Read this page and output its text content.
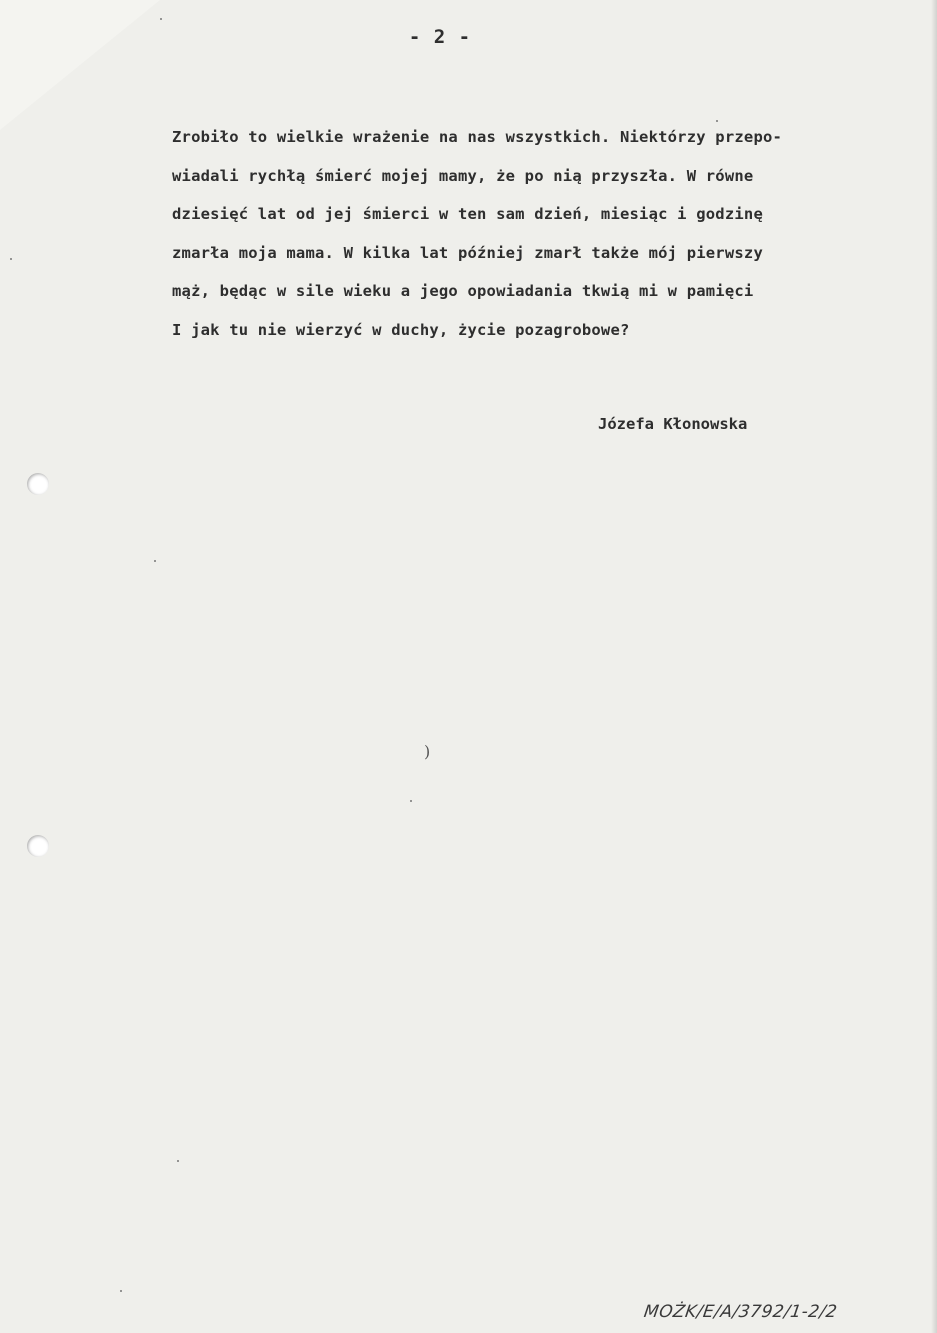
- 2 -
Zrobiło to wielkie wrażenie na nas wszystkich. Niektórzy przepo-
wiadali rychłą śmierć mojej mamy, że po nią przyszła. W równe
dziesięć lat od jej śmierci w ten sam dzień, miesiąc i godzinę
zmarła moja mama. W kilka lat później zmarł także mój pierwszy
mąż, będąc w sile wieku a jego opowiadania tkwią mi w pamięci
I jak tu nie wierzyć w duchy, życie pozagrobowe?
Józefa Kłonowska
)
MOŻK/E/A/3792/1-2/2
